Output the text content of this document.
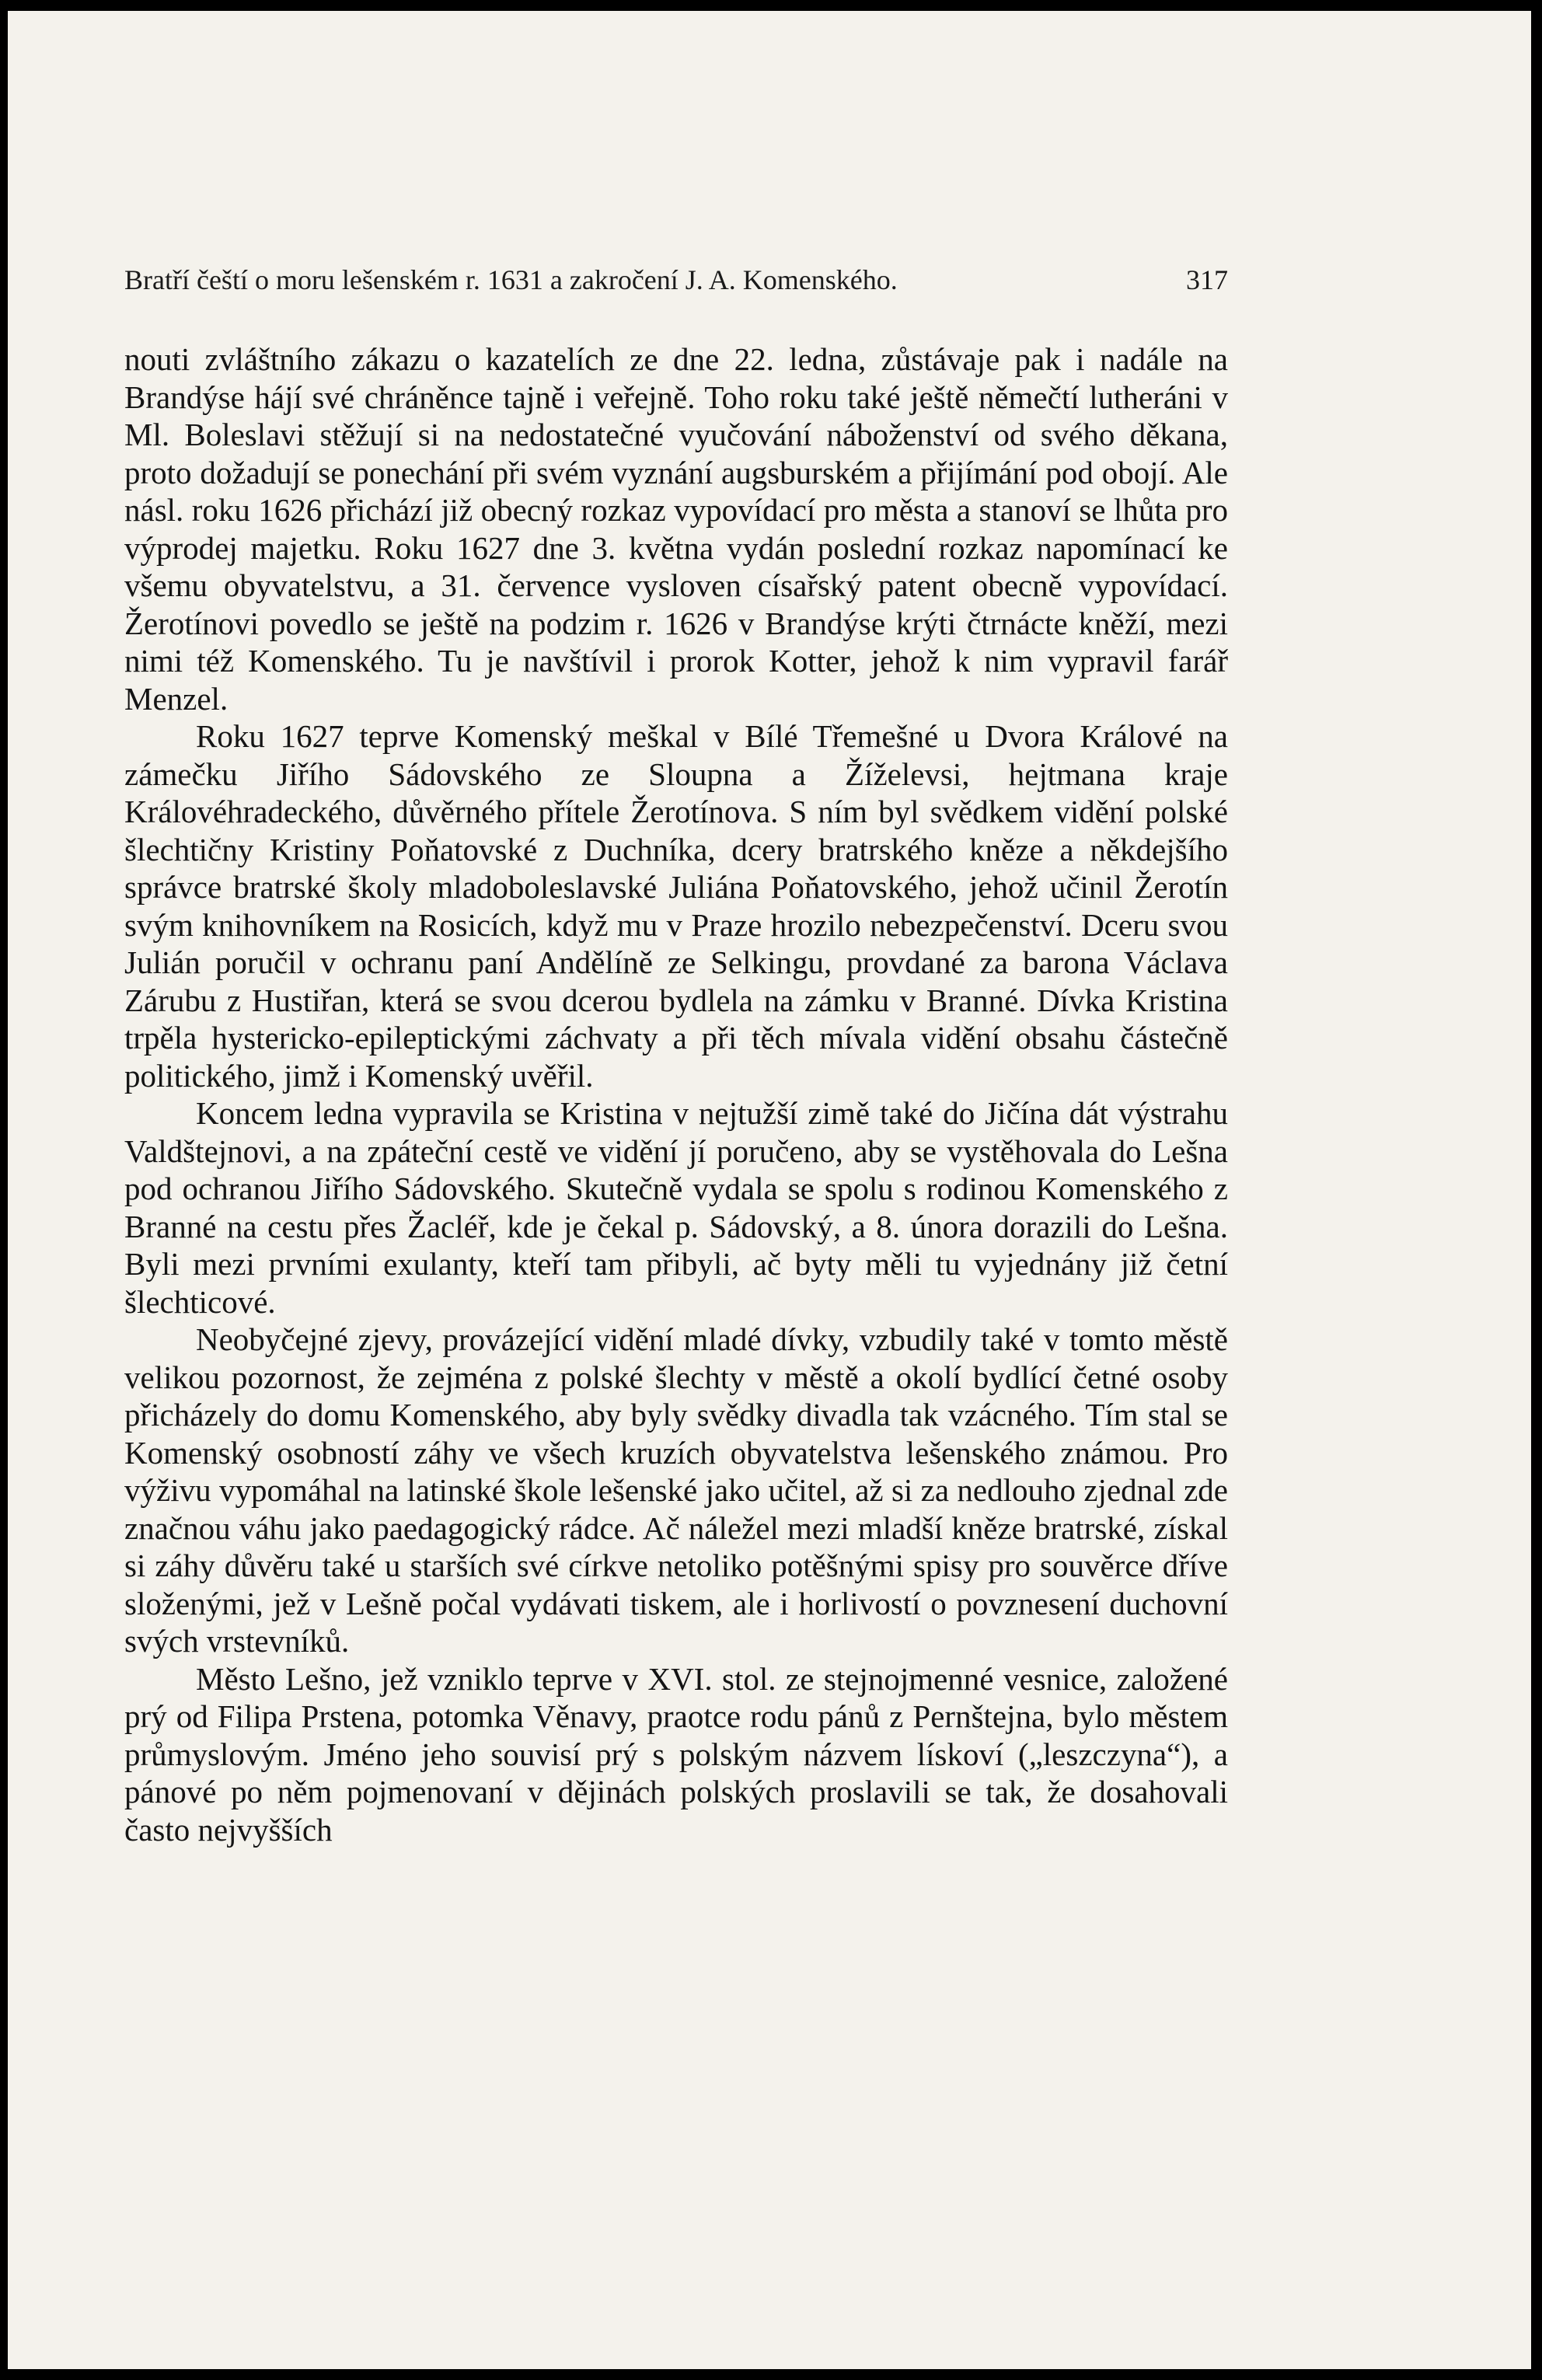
Bratří čeští o moru lešenském r. 1631 a zakročení J. A. Komenského.	317

nouti zvláštního zákazu o kazatelích ze dne 22. ledna, zůstávaje pak i nadále na Brandýse hájí své chráněnce tajně i veřejně. Toho roku také ještě němečtí lutheráni v Ml. Boleslavi stěžují si na nedostatečné vyučování náboženství od svého děkana, proto dožadují se ponechání při svém vyznání augsburském a přijímání pod obojí. Ale násl. roku 1626 přichází již obecný rozkaz vypovídací pro města a stanoví se lhůta pro výprodej majetku. Roku 1627 dne 3. května vydán poslední rozkaz napomínací ke všemu obyvatelstvu, a 31. července vysloven císařský patent obecně vypovídací. Žerotínovi povedlo se ještě na podzim r. 1626 v Brandýse krýti čtrnácte kněží, mezi nimi též Komenského. Tu je navštívil i prorok Kotter, jehož k nim vypravil farář Menzel.

Roku 1627 teprve Komenský meškal v Bílé Třemešné u Dvora Králové na zámečku Jiřího Sádovského ze Sloupna a Žíželevsi, hejtmana kraje Královéhradeckého, důvěrného přítele Žerotínova. S ním byl svědkem vidění polské šlechtičny Kristiny Poňatovské z Duchníka, dcery bratrského kněze a někdejšího správce bratrské školy mladoboleslavské Juliána Poňatovského, jehož učinil Žerotín svým knihovníkem na Rosicích, když mu v Praze hrozilo nebezpečenství. Dceru svou Julián poručil v ochranu paní Andělíně ze Selkingu, provdané za barona Václava Zárubu z Hustiřan, která se svou dcerou bydlela na zámku v Branné. Dívka Kristina trpěla hystericko-epileptickými záchvaty a při těch mívala vidění obsahu částečně politického, jimž i Komenský uvěřil.

Koncem ledna vypravila se Kristina v nejtužší zimě také do Jičína dát výstrahu Valdštejnovi, a na zpáteční cestě ve vidění jí poručeno, aby se vystěhovala do Lešna pod ochranou Jiřího Sádovského. Skutečně vydala se spolu s rodinou Komenského z Branné na cestu přes Žacléř, kde je čekal p. Sádovský, a 8. února dorazili do Lešna. Byli mezi prvními exulanty, kteří tam přibyli, ač byty měli tu vyjednány již četní šlechticové.

Neobyčejné zjevy, provázející vidění mladé dívky, vzbudily také v tomto městě velikou pozornost, že zejména z polské šlechty v městě a okolí bydlící četné osoby přicházely do domu Komenského, aby byly svědky divadla tak vzácného. Tím stal se Komenský osobností záhy ve všech kruzích obyvatelstva lešenského známou. Pro výživu vypomáhal na latinské škole lešenské jako učitel, až si za nedlouho zjednal zde značnou váhu jako paedagogický rádce. Ač náležel mezi mladší kněze bratrské, získal si záhy důvěru také u starších své církve netoliko potěšnými spisy pro souvěrce dříve složenými, jež v Lešně počal vydávati tiskem, ale i horlivostí o povznesení duchovní svých vrstevníků.

Město Lešno, jež vzniklo teprve v XVI. stol. ze stejnojmenné vesnice, založené prý od Filipa Prstena, potomka Věnavy, praotce rodu pánů z Pernštejna, bylo městem průmyslovým. Jméno jeho souvisí prý s polským názvem lískoví („leszczyna“), a pánové po něm pojmenovaní v dějinách polských proslavili se tak, že dosahovali často nejvyšších
